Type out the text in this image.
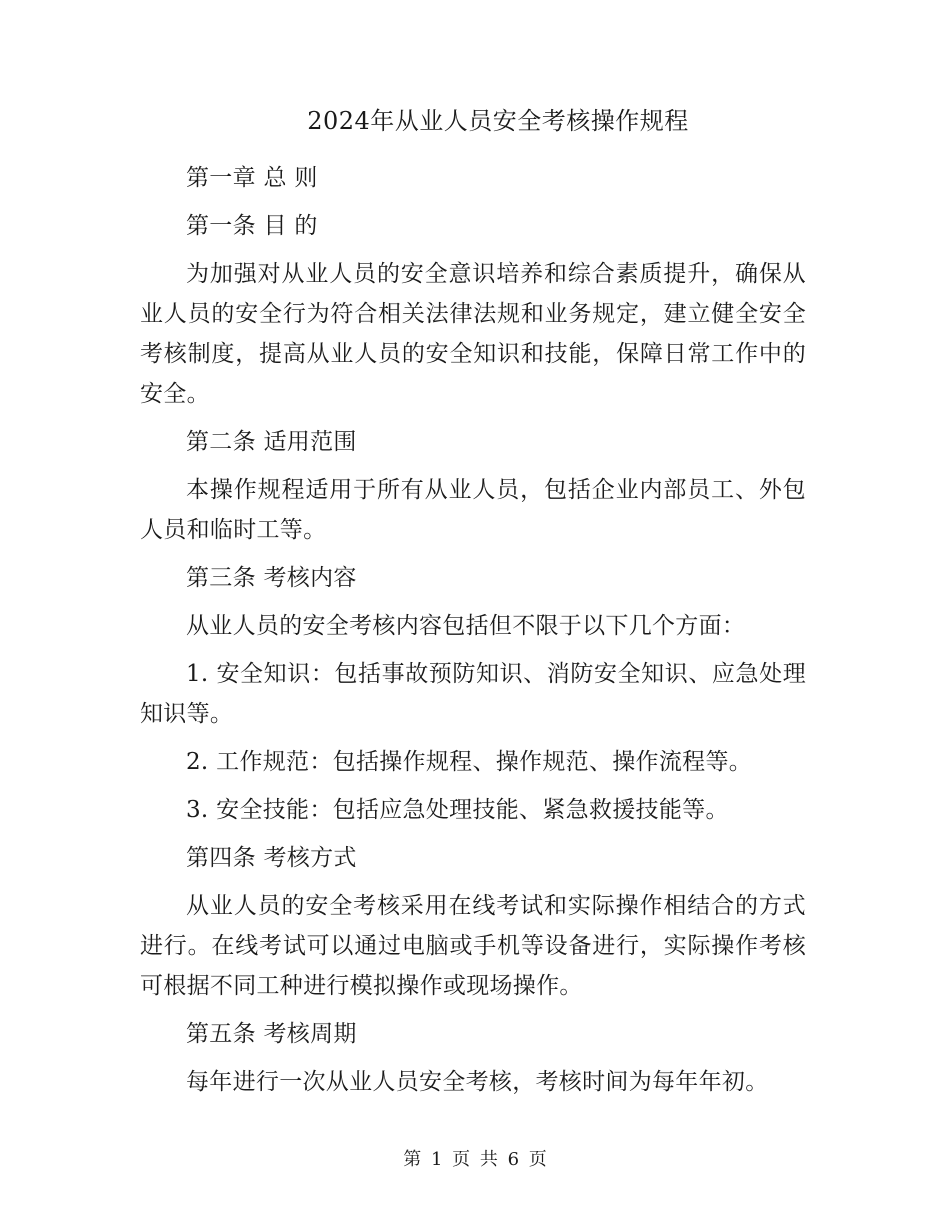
2024年从业人员安全考核操作规程

第一章 总 则

第一条 目 的

为加强对从业人员的安全意识培养和综合素质提升，确保从业人员的安全行为符合相关法律法规和业务规定，建立健全安全考核制度，提高从业人员的安全知识和技能，保障日常工作中的安全。

第二条 适用范围

本操作规程适用于所有从业人员，包括企业内部员工、外包人员和临时工等。

第三条 考核内容

从业人员的安全考核内容包括但不限于以下几个方面：

1. 安全知识：包括事故预防知识、消防安全知识、应急处理知识等。

2. 工作规范：包括操作规程、操作规范、操作流程等。

3. 安全技能：包括应急处理技能、紧急救援技能等。

第四条 考核方式

从业人员的安全考核采用在线考试和实际操作相结合的方式进行。在线考试可以通过电脑或手机等设备进行，实际操作考核可根据不同工种进行模拟操作或现场操作。

第五条 考核周期

每年进行一次从业人员安全考核，考核时间为每年年初。

第 1 页 共 6 页
